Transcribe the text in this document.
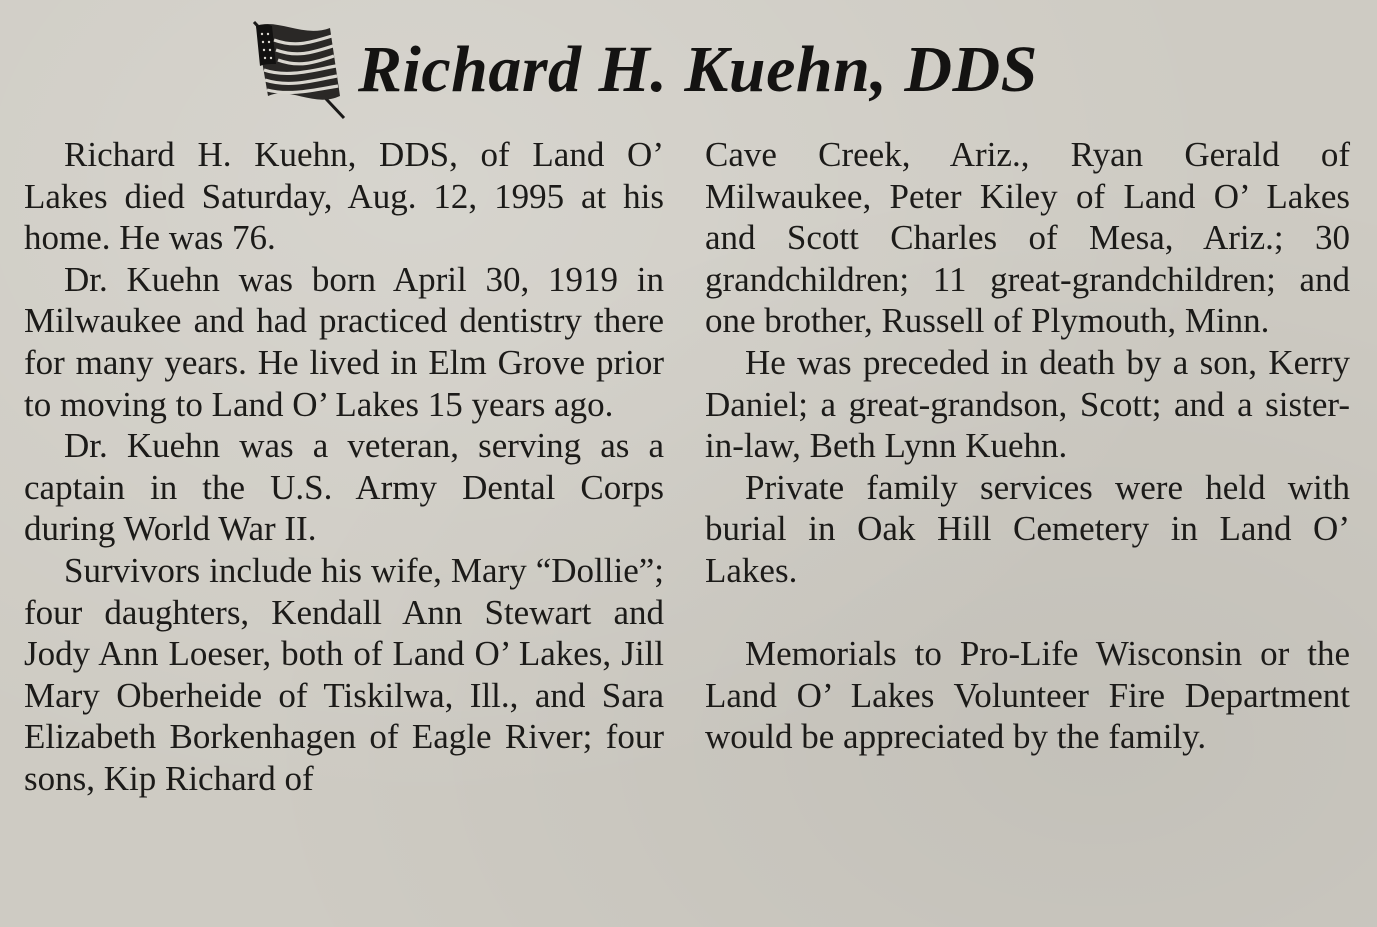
Richard H. Kuehn, DDS

Richard H. Kuehn, DDS, of Land O’ Lakes died Saturday, Aug. 12, 1995 at his home. He was 76.

Dr. Kuehn was born April 30, 1919 in Milwaukee and had practiced dentistry there for many years. He lived in Elm Grove prior to moving to Land O’ Lakes 15 years ago.

Dr. Kuehn was a veteran, serving as a captain in the U.S. Army Dental Corps during World War II.

Survivors include his wife, Mary “Dollie”; four daughters, Kendall Ann Stewart and Jody Ann Loeser, both of Land O’ Lakes, Jill Mary Oberheide of Tiskilwa, Ill., and Sara Elizabeth Borkenhagen of Eagle River; four sons, Kip Richard of

Cave Creek, Ariz., Ryan Gerald of Milwaukee, Peter Kiley of Land O’ Lakes and Scott Charles of Mesa, Ariz.; 30 grandchildren; 11 great-grandchildren; and one brother, Russell of Plymouth, Minn.

He was preceded in death by a son, Kerry Daniel; a great-grandson, Scott; and a sister-in-law, Beth Lynn Kuehn.

Private family services were held with burial in Oak Hill Cemetery in Land O’ Lakes.

Memorials to Pro-Life Wisconsin or the Land O’ Lakes Volunteer Fire Department would be appreciated by the family.
